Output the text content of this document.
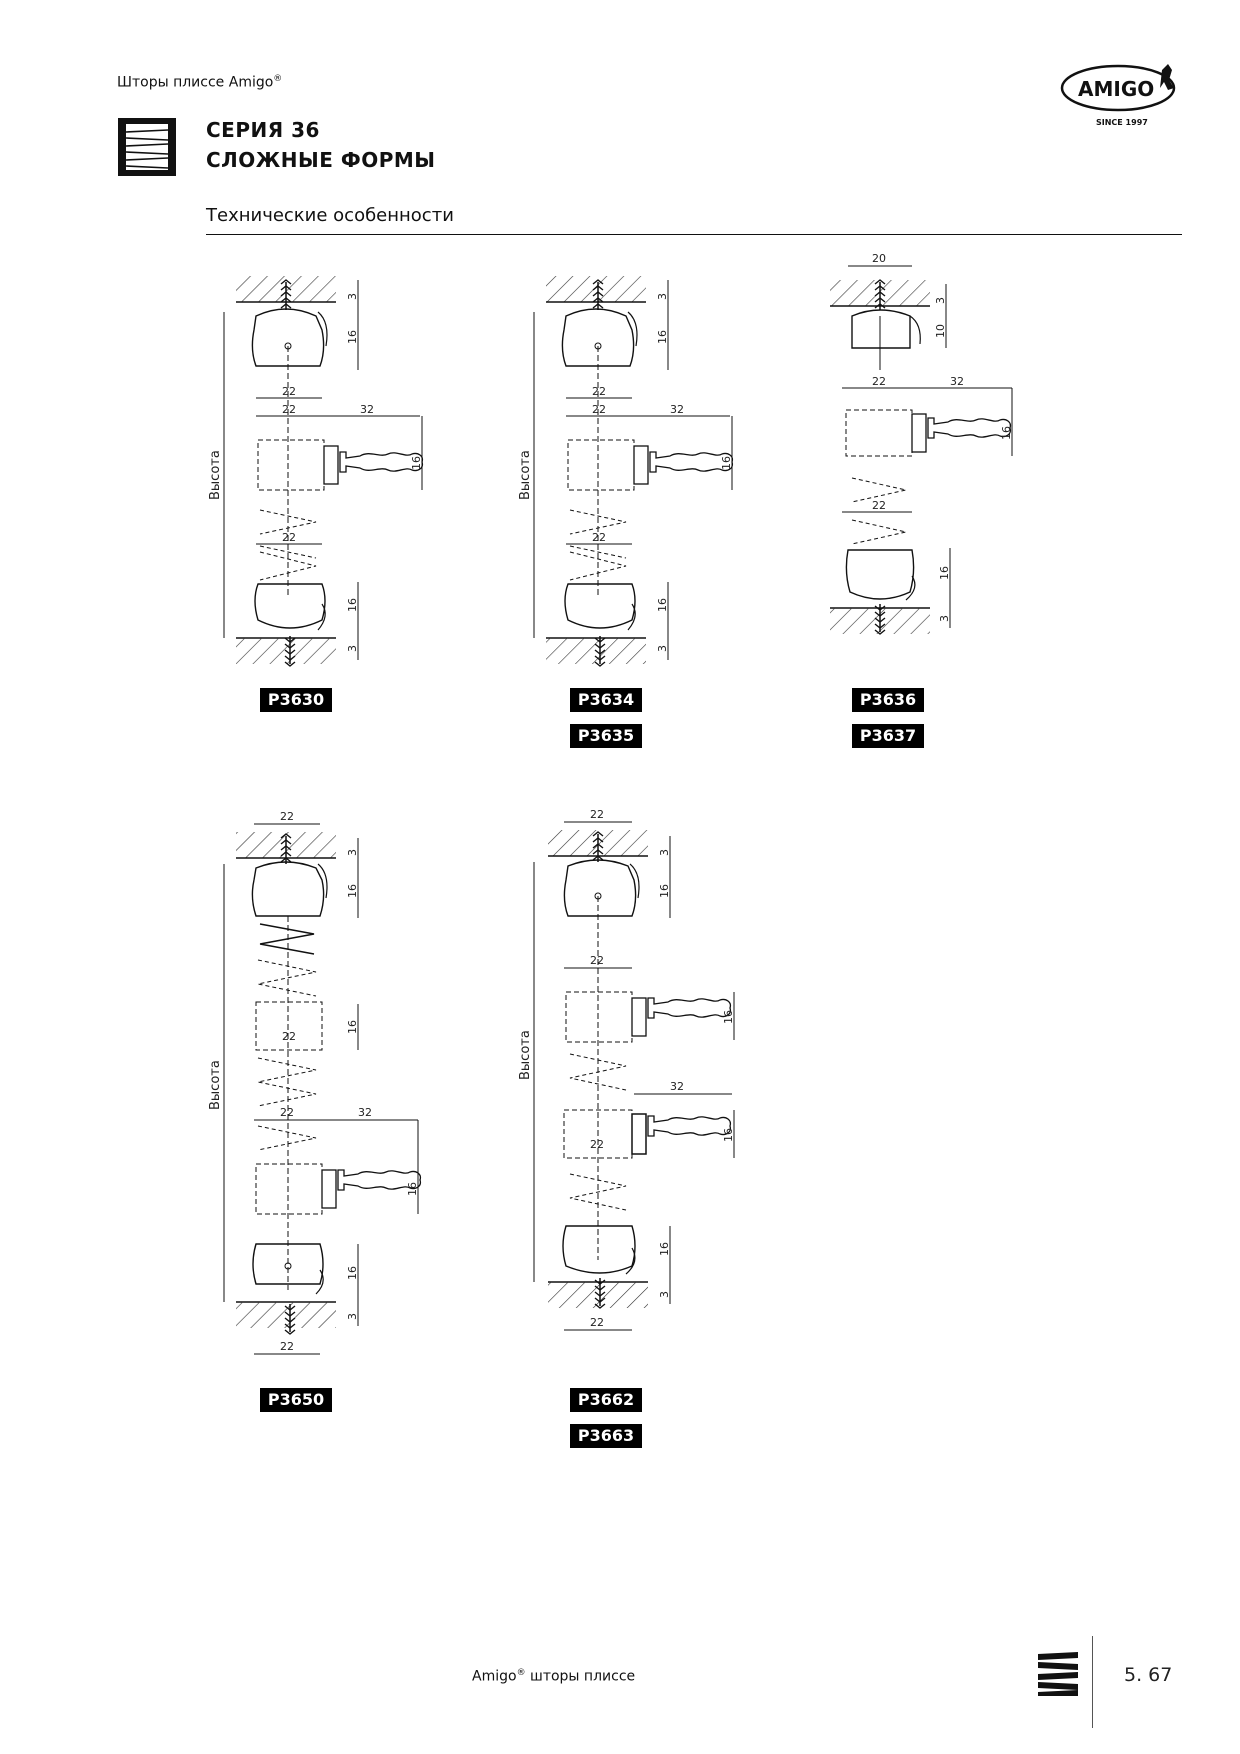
Шторы плиссе Amigo®	AMIGO
SINCE 1997
СЕРИЯ 36
СЛОЖНЫЕ ФОРМЫ
Технические особенности
22
22	32
22
Высота
3
16
16
16
3
22
22	32
22
Высота
3
16
16
16
3
20
3
10
22	32
16
22
16
3
22
22
16
22	32
16
22
Высота
3
16
16
3
22
22
16
32
22
16
22
Высота
3
16
16
3
P3630	P3634
P3635
P3636
P3637
P3650	P3662
P3663
Amigo® шторы плиссе	5. 67
